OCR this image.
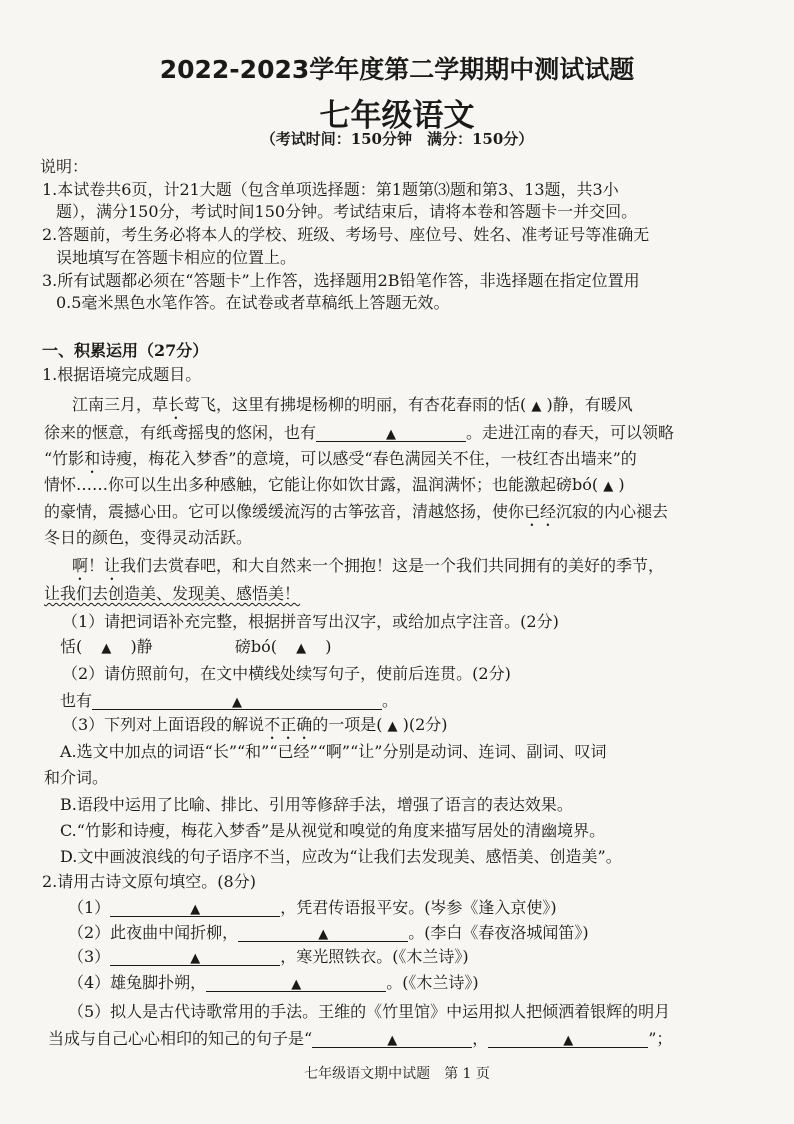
2022-2023学年度第二学期期中测试试题
七年级语文
（考试时间：150分钟　满分：150分）
说明：
1.本试卷共6页，计21大题（包含单项选择题：第1题第⑶题和第3、13题，共3小
题），满分150分，考试时间150分钟。考试结束后，请将本卷和答题卡一并交回。
2.答题前，考生务必将本人的学校、班级、考场号、座位号、姓名、准考证号等准确无
误地填写在答题卡相应的位置上。
3.所有试题都必须在“答题卡”上作答，选择题用2B铅笔作答，非选择题在指定位置用
0.5毫米黑色水笔作答。在试卷或者草稿纸上答题无效。
一、积累运用（27分）
1.根据语境完成题目。
江南三月，草长莺飞，这里有拂堤杨柳的明丽，有杏花春雨的恬( ▲ )静，有暖风
徐来的惬意，有纸鸢摇曳的悠闲，也有	▲	。走进江南的春天，可以领略
“竹影和诗瘦，梅花入梦香”的意境，可以感受“春色满园关不住，一枝红杏出墙来”的
情怀……你可以生出多种感触，它能让你如饮甘露，温润满怀；也能激起磅bó( ▲ )
的豪情，震撼心田。它可以像缓缓流泻的古筝弦音，清越悠扬，使你已经沉寂的内心褪去
冬日的颜色，变得灵动活跃。
啊！让我们去赏春吧，和大自然来一个拥抱！这是一个我们共同拥有的美好的季节，
让我们去创造美、发现美、感悟美！
（1）请把词语补充完整，根据拼音写出汉字，或给加点字注音。(2分)
恬( ▲ )静	磅bó( ▲ )
（2）请仿照前句，在文中横线处续写句子，使前后连贯。(2分)
也有	▲	。
（3）下列对上面语段的解说不正确的一项是( ▲ )(2分)
A.选文中加点的词语“长”“和”“已经”“啊”“让”分别是动词、连词、副词、叹词
和介词。
B.语段中运用了比喻、排比、引用等修辞手法，增强了语言的表达效果。
C.“竹影和诗瘦，梅花入梦香”是从视觉和嗅觉的角度来描写居处的清幽境界。
D.文中画波浪线的句子语序不当，应改为“让我们去发现美、感悟美、创造美”。
2.请用古诗文原句填空。(8分)
（1）	▲	，凭君传语报平安。(岑参《逢入京使》)
（2）此夜曲中闻折柳，	▲	。(李白《春夜洛城闻笛》)
（3）	▲	，寒光照铁衣。(《木兰诗》)
（4）雄兔脚扑朔，	▲	。(《木兰诗》)
（5）拟人是古代诗歌常用的手法。王维的《竹里馆》中运用拟人把倾洒着银辉的明月
当成与自己心心相印的知己的句子是“	▲	，	▲	”；
七年级语文期中试题　第 1 页
